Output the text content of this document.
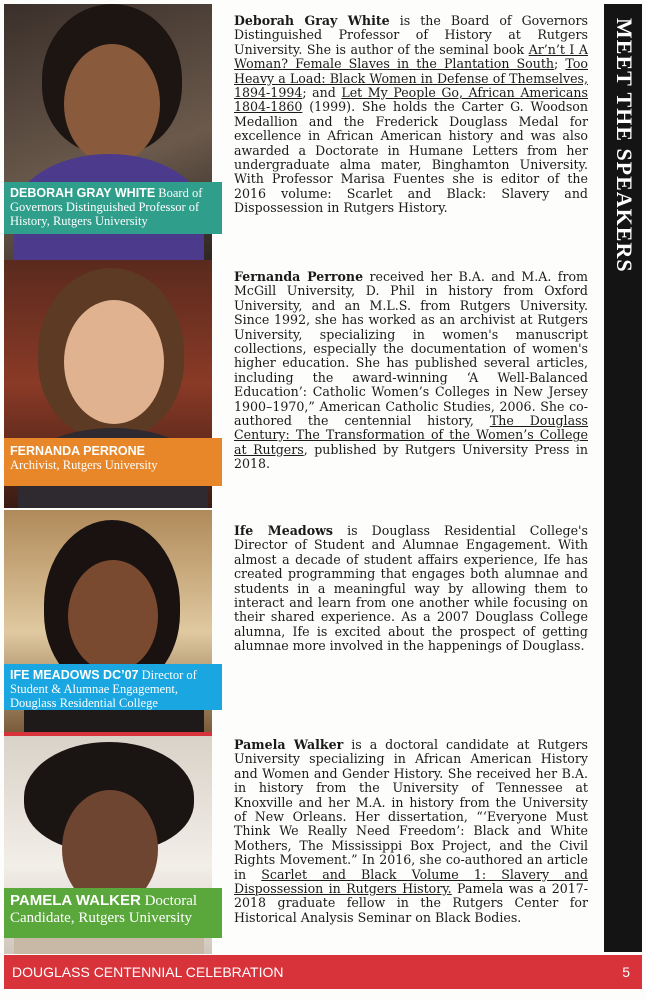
MEET THE SPEAKERS
DEBORAH GRAY WHITE Board of Governors Distinguished Professor of History, Rutgers University
FERNANDA PERRONE
Archivist, Rutgers University
IFE MEADOWS DC’07 Director of Student & Alumnae Engagement, Douglass Residential College
PAMELA WALKER Doctoral Candidate, Rutgers University
Deborah Gray White is the Board of Governors Distinguished Professor of History at Rutgers University. She is author of the seminal book Ar’n’t I A Woman? Female Slaves in the Plantation South; Too Heavy a Load: Black Women in Defense of Themselves, 1894-1994; and Let My People Go, African Americans 1804-1860 (1999). She holds the Carter G. Woodson Medallion and the Frederick Douglass Medal for excellence in African American history and was also awarded a Doctorate in Humane Letters from her undergraduate alma mater, Binghamton University. With Professor Marisa Fuentes she is editor of the 2016 volume: Scarlet and Black: Slavery and Dispossession in Rutgers History.
Fernanda Perrone received her B.A. and M.A. from McGill University, D. Phil in history from Oxford University, and an M.L.S. from Rutgers University. Since 1992, she has worked as an archivist at Rutgers University, specializing in women's manuscript collections, especially the documentation of women's higher education. She has published several articles, including the award-winning ‘A Well-Balanced Education’: Catholic Women’s Colleges in New Jersey 1900–1970,” American Catholic Studies, 2006. She co-authored the centennial history, The Douglass Century: The Transformation of the Women’s College at Rutgers, published by Rutgers University Press in 2018.
Ife Meadows is Douglass Residential College's Director of Student and Alumnae Engagement. With almost a decade of student affairs experience, Ife has created programming that engages both alumnae and students in a meaningful way by allowing them to interact and learn from one another while focusing on their shared experience. As a 2007 Douglass College alumna, Ife is excited about the prospect of getting alumnae more involved in the happenings of Douglass.
Pamela Walker is a doctoral candidate at Rutgers University specializing in African American History and Women and Gender History. She received her B.A. in history from the University of Tennessee at Knoxville and her M.A. in history from the University of New Orleans. Her dissertation, “‘Everyone Must Think We Really Need Freedom’: Black and White Mothers, The Mississippi Box Project, and the Civil Rights Movement.” In 2016, she co-authored an article in Scarlet and Black Volume 1: Slavery and Dispossession in Rutgers History. Pamela was a 2017-2018 graduate fellow in the Rutgers Center for Historical Analysis Seminar on Black Bodies.
DOUGLASS CENTENNIAL CELEBRATION	5
